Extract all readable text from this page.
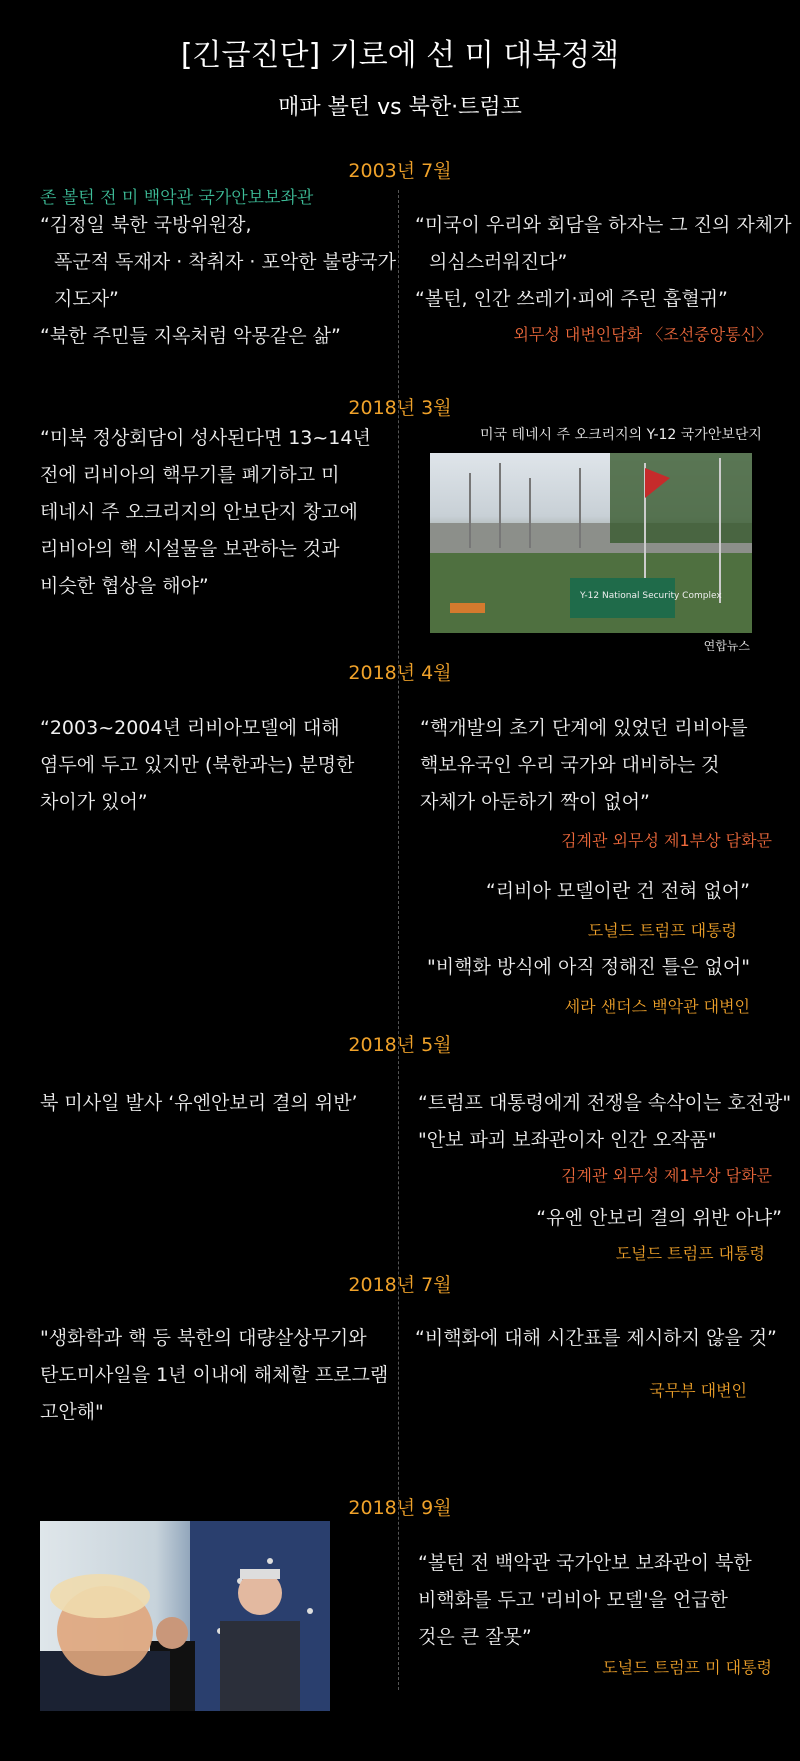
[긴급진단] 기로에 선 미 대북정책
매파 볼턴 vs 북한·트럼프
2003년 7월
존 볼턴 전 미 백악관 국가안보보좌관
“김정일 북한 국방위원장,
폭군적 독재자 · 착취자 · 포악한 불량국가
지도자”
“북한 주민들 지옥처럼 악몽같은 삶”
“미국이 우리와 회담을 하자는 그 진의 자체가
의심스러워진다”
“볼턴, 인간 쓰레기·피에 주린 흡혈귀”
외무성 대변인담화 〈조선중앙통신〉
2018년 3월
“미북 정상회담이 성사된다면 13~14년
전에 리비아의 핵무기를 폐기하고 미
테네시 주 오크리지의 안보단지 창고에
리비아의 핵 시설물을 보관하는 것과
비슷한 협상을 해야”
미국 테네시 주 오크리지의 Y-12 국가안보단지
Y-12 National Security Complex
연합뉴스
2018년 4월
“2003~2004년 리비아모델에 대해
염두에 두고 있지만 (북한과는) 분명한
차이가 있어”
“핵개발의 초기 단계에 있었던 리비아를
핵보유국인 우리 국가와 대비하는 것
자체가 아둔하기 짝이 없어”
김계관 외무성 제1부상 담화문
“리비아 모델이란 건 전혀 없어”
도널드 트럼프 대통령
"비핵화 방식에 아직 정해진 틀은 없어"
세라 샌더스 백악관 대변인
2018년 5월
북 미사일 발사 ‘유엔안보리 결의 위반’	“트럼프 대통령에게 전쟁을 속삭이는 호전광"
"안보 파괴 보좌관이자 인간 오작품"
김계관 외무성 제1부상 담화문
“유엔 안보리 결의 위반 아냐”
도널드 트럼프 대통령
2018년 7월
"생화학과 핵 등 북한의 대량살상무기와
탄도미사일을 1년 이내에 해체할 프로그램
고안해"
“비핵화에 대해 시간표를 제시하지 않을 것”
국무부 대변인
2018년 9월
“볼턴 전 백악관 국가안보 보좌관이 북한
비핵화를 두고 '리비아 모델'을 언급한
것은 큰 잘못”
도널드 트럼프 미 대통령
